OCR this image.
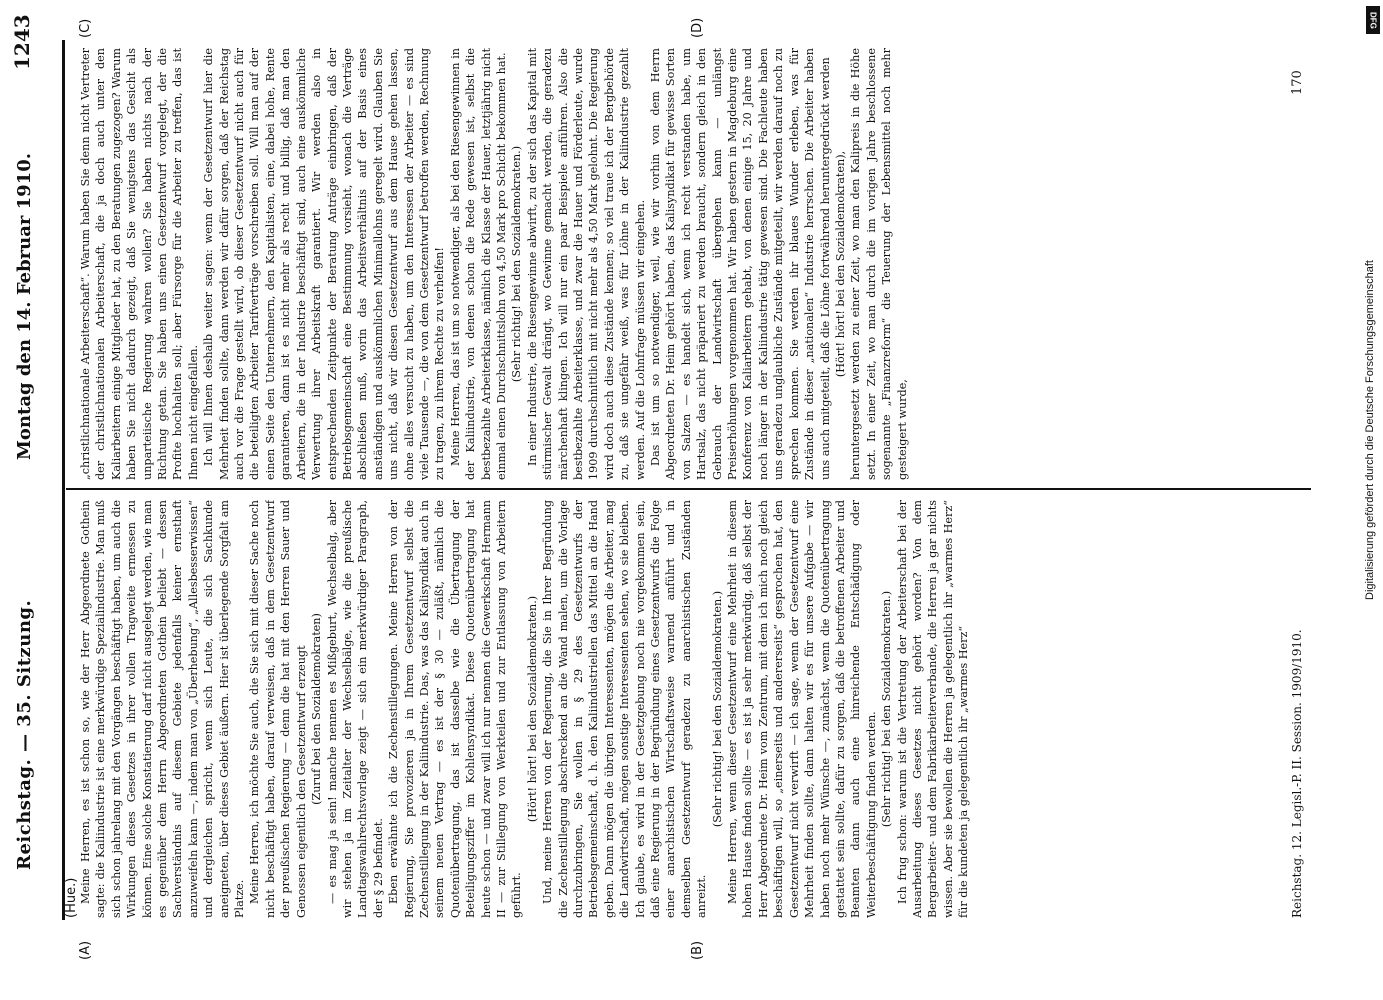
Reichstag. — 35. Sitzung.
Montag den 14. Februar 1910.
1243
(Hue.)
(A)	(B)
(C)	(D)

Meine Herren, es ist schon so, wie der Herr Abgeordnete Gothein sagte: die Kaliindustrie ist eine merkwürdige Spezialindustrie. Man muß sich schon jahrelang mit den Vorgängen beschäftigt haben, um auch die Wirkungen dieses Gesetzes in ihrer vollen Tragweite ermessen zu können. Eine solche Konstatierung darf nicht ausgelegt werden, wie man es gegenüber dem Herrn Abgeordneten Gothein beliebt — dessen Sachverständnis auf diesem Gebiete jedenfalls keiner ernsthaft anzuweifeln kann —, indem man von „Überhebung“, „Allesbesserwissen“ und dergleichen spricht, wenn sich Leute, die sich Sachkunde aneigneten, über dieses Gebiet äußern. Hier ist überlegende Sorgfalt am Platze. Meine Herren, ich möchte Sie auch, die Sie sich mit dieser Sache noch nicht beschäftigt haben, darauf verweisen, daß in dem Gesetzentwurf der preußischen Regierung — denn die hat mit den Herren Sauer und Genossen eigentlich den Gesetzentwurf erzeugt (Zuruf bei den Sozialdemokraten) — es mag ja sein! manche nennen es Mißgeburt, Wechselbalg, aber wir stehen ja im Zeitalter der Wechselbälge, wie die preußische Landtagswahlrechtsvorlage zeigt — sich ein merkwürdiger Paragraph, der § 29 befindet. Eben erwähnte ich die Zechenstillegungen. Meine Herren von der Regierung, Sie provozieren ja in Ihrem Gesetzentwurf selbst die Zechenstillegung in der Kaliindustrie. Das, was das Kalisyndikat auch in seinem neuen Vertrag — es ist der § 30 — zuläßt, nämlich die Quotenübertragung, das ist dasselbe wie die Übertragung der Beteiligungsziffer im Kohlensyndikat. Diese Quotenübertragung hat heute schon — und zwar will ich nur nennen die Gewerkschaft Hermann II — zur Stillegung von Werkteilen und zur Entlassung von Arbeitern geführt.

(Hört! hört! bei den Sozialdemokraten.) Und, meine Herren von der Regierung, die Sie in Ihrer Begründung die Zechenstillegung abschreckend an die Wand malen, um die Vorlage durchzubringen, Sie wollen in § 29 des Gesetzentwurfs der Betriebsgemeinschaft, d. h. den Kaliindustriellen das Mittel an die Hand geben. Dann mögen die übrigen Interessenten, mögen die Arbeiter, mag die Landwirtschaft, mögen sonstige Interessenten sehen, wo sie bleiben. Ich glaube, es wird in der Gesetzgebung noch nie vorgekommen sein, daß eine Regierung in der Begründung eines Gesetzentwurfs die Folge einer anarchistischen Wirtschaftsweise warnend anführt und in demselben Gesetzentwurf geradezu zu anarchistischen Zuständen anreizt.

(Sehr richtig! bei den Sozialdemokraten.) Meine Herren, wenn dieser Gesetzentwurf eine Mehrheit in diesem hohen Hause finden sollte — es ist ja sehr merkwürdig, daß selbst der Herr Abgeordnete Dr. Heim vom Zentrum, mit dem ich mich noch gleich beschäftigen will, so „einerseits und andererseits“ gesprochen hat, den Gesetzentwurf nicht verwirft — ich sage, wenn der Gesetzentwurf eine Mehrheit finden sollte, dann halten wir es für unsere Aufgabe — wir haben noch mehr Wünsche —, zunächst, wenn die Quotenübertragung gestattet sein sollte, dafür zu sorgen, daß die betroffenen Arbeiter und Beamten dann auch eine hinreichende Entschädigung oder Weiterbeschäftigung finden werden. (Sehr richtig! bei den Sozialdemokraten.) Ich frug schon: warum ist die Vertretung der Arbeiterschaft bei der Ausarbeitung dieses Gesetzes nicht gehört worden? Von dem Bergarbeiter- und dem Fabrikarbeiterverbande, die Herren ja gar nichts wissen. Aber sie bewollen die Herren ja gelegentlich ihr „warmes Herz“ für die kundeten ja gelegentlich ihr „warmes Herz“

„christlichnationale Arbeiterschaft“. Warum haben Sie denn nicht Vertreter der christlichnationalen Arbeiterschaft, die ja doch auch unter den Kaliarbeitern einige Mitglieder hat, zu den Beratungen zugezogen? Warum haben Sie nicht dadurch gezeigt, daß Sie wenigstens das Gesicht als unparteiische Regierung wahren wollen? Sie haben nichts nach der Richtung getan. Sie haben uns einen Gesetzentwurf vorgelegt, der die Profite hochhalten soll; aber Fürsorge für die Arbeiter zu treffen, das ist Ihnen nicht eingefallen. Ich will Ihnen deshalb weiter sagen: wenn der Gesetzentwurf hier die Mehrheit finden sollte, dann werden wir dafür sorgen, daß der Reichstag auch vor die Frage gestellt wird, ob dieser Gesetzentwurf nicht auch für die beteiligten Arbeiter Tarifverträge vorschreiben soll. Will man auf der einen Seite den Unternehmern, den Kapitalisten, eine, dabei hohe, Rente garantieren, dann ist es nicht mehr als recht und billig, daß man den Arbeitern, die in der Industrie beschäftigt sind, auch eine auskömmliche Verwertung ihrer Arbeitskraft garantiert. Wir werden also in entsprechenden Zeitpunkte der Beratung Anträge einbringen, daß der Betriebsgemeinschaft eine Bestimmung vorsieht, wonach die Verträge abschließen muß, worin das Arbeitsverhältnis auf der Basis eines anständigen und auskömmlichen Minimallohns geregelt wird. Glauben Sie uns nicht, daß wir diesen Gesetzentwurf aus dem Hause gehen lassen, ohne alles versucht zu haben, um den Interessen der Arbeiter — es sind viele Tausende —, die von dem Gesetzentwurf betroffen werden, Rechnung zu tragen, zu ihrem Rechte zu verhelfen! Meine Herren, das ist um so notwendiger, als bei den Riesengewinnen in der Kaliindustrie, von denen schon die Rede gewesen ist, selbst die bestbezahlte Arbeiterklasse, nämlich die Klasse der Hauer, letztjährig nicht einmal einen Durchschnittslohn von 4,50 Mark pro Schicht bekommen hat. (Sehr richtig! bei den Sozialdemokraten.) In einer Industrie, die Riesengewinne abwirft, zu der sich das Kapital mit stürmischer Gewalt drängt, wo Gewinne gemacht werden, die geradezu märchenhaft klingen. Ich will nur ein paar Beispiele anführen. Also die bestbezahlte Arbeiterklasse, und zwar die Hauer und Förderleute, wurde 1909 durchschnittlich mit nicht mehr als 4,50 Mark gelohnt. Die Regierung wird doch auch diese Zustände kennen; so viel traue ich der Bergbehörde zu, daß sie ungefähr weiß, was für Löhne in der Kaliindustrie gezahlt werden. Auf die Lohnfrage müssen wir eingehen. Das ist um so notwendiger, weil, wie wir vorhin von dem Herrn Abgeordneten Dr. Heim gehört haben, das Kalisyndikat für gewisse Sorten von Salzen — es handelt sich, wenn ich recht verstanden habe, um Hartsalz, das nicht präpariert zu werden braucht, sondern gleich in den Gebrauch der Landwirtschaft übergehen kann — unlängst Preiserhöhungen vorgenommen hat. Wir haben gestern in Magdeburg eine Konferenz von Kaliarbeitern gehabt, von denen einige 15, 20 Jahre und noch länger in der Kaliindustrie tätig gewesen sind. Die Fachleute haben uns geradezu unglaubliche Zustände mitgeteilt, wir werden darauf noch zu sprechen kommen. Sie werden ihr blaues Wunder erleben, was für Zustände in dieser „nationalen“ Industrie herrschen. Die Arbeiter haben uns auch mitgeteilt, daß die Löhne fortwährend heruntergedrückt werden (Hört! hört! bei den Sozialdemokraten), heruntergesetzt werden zu einer Zeit, wo man den Kalipreis in die Höhe setzt. In einer Zeit, wo man durch die im vorigen Jahre beschlossene sogenannte „Finanzreform“ die Teuerung der Lebensmittel noch mehr gesteigert wurde,

Reichstag. 12. Legisl.-P. II. Session. 1909/1910.
170
Digitalisierung gefördert durch die Deutsche Forschungsgemeinschaft
DFG
